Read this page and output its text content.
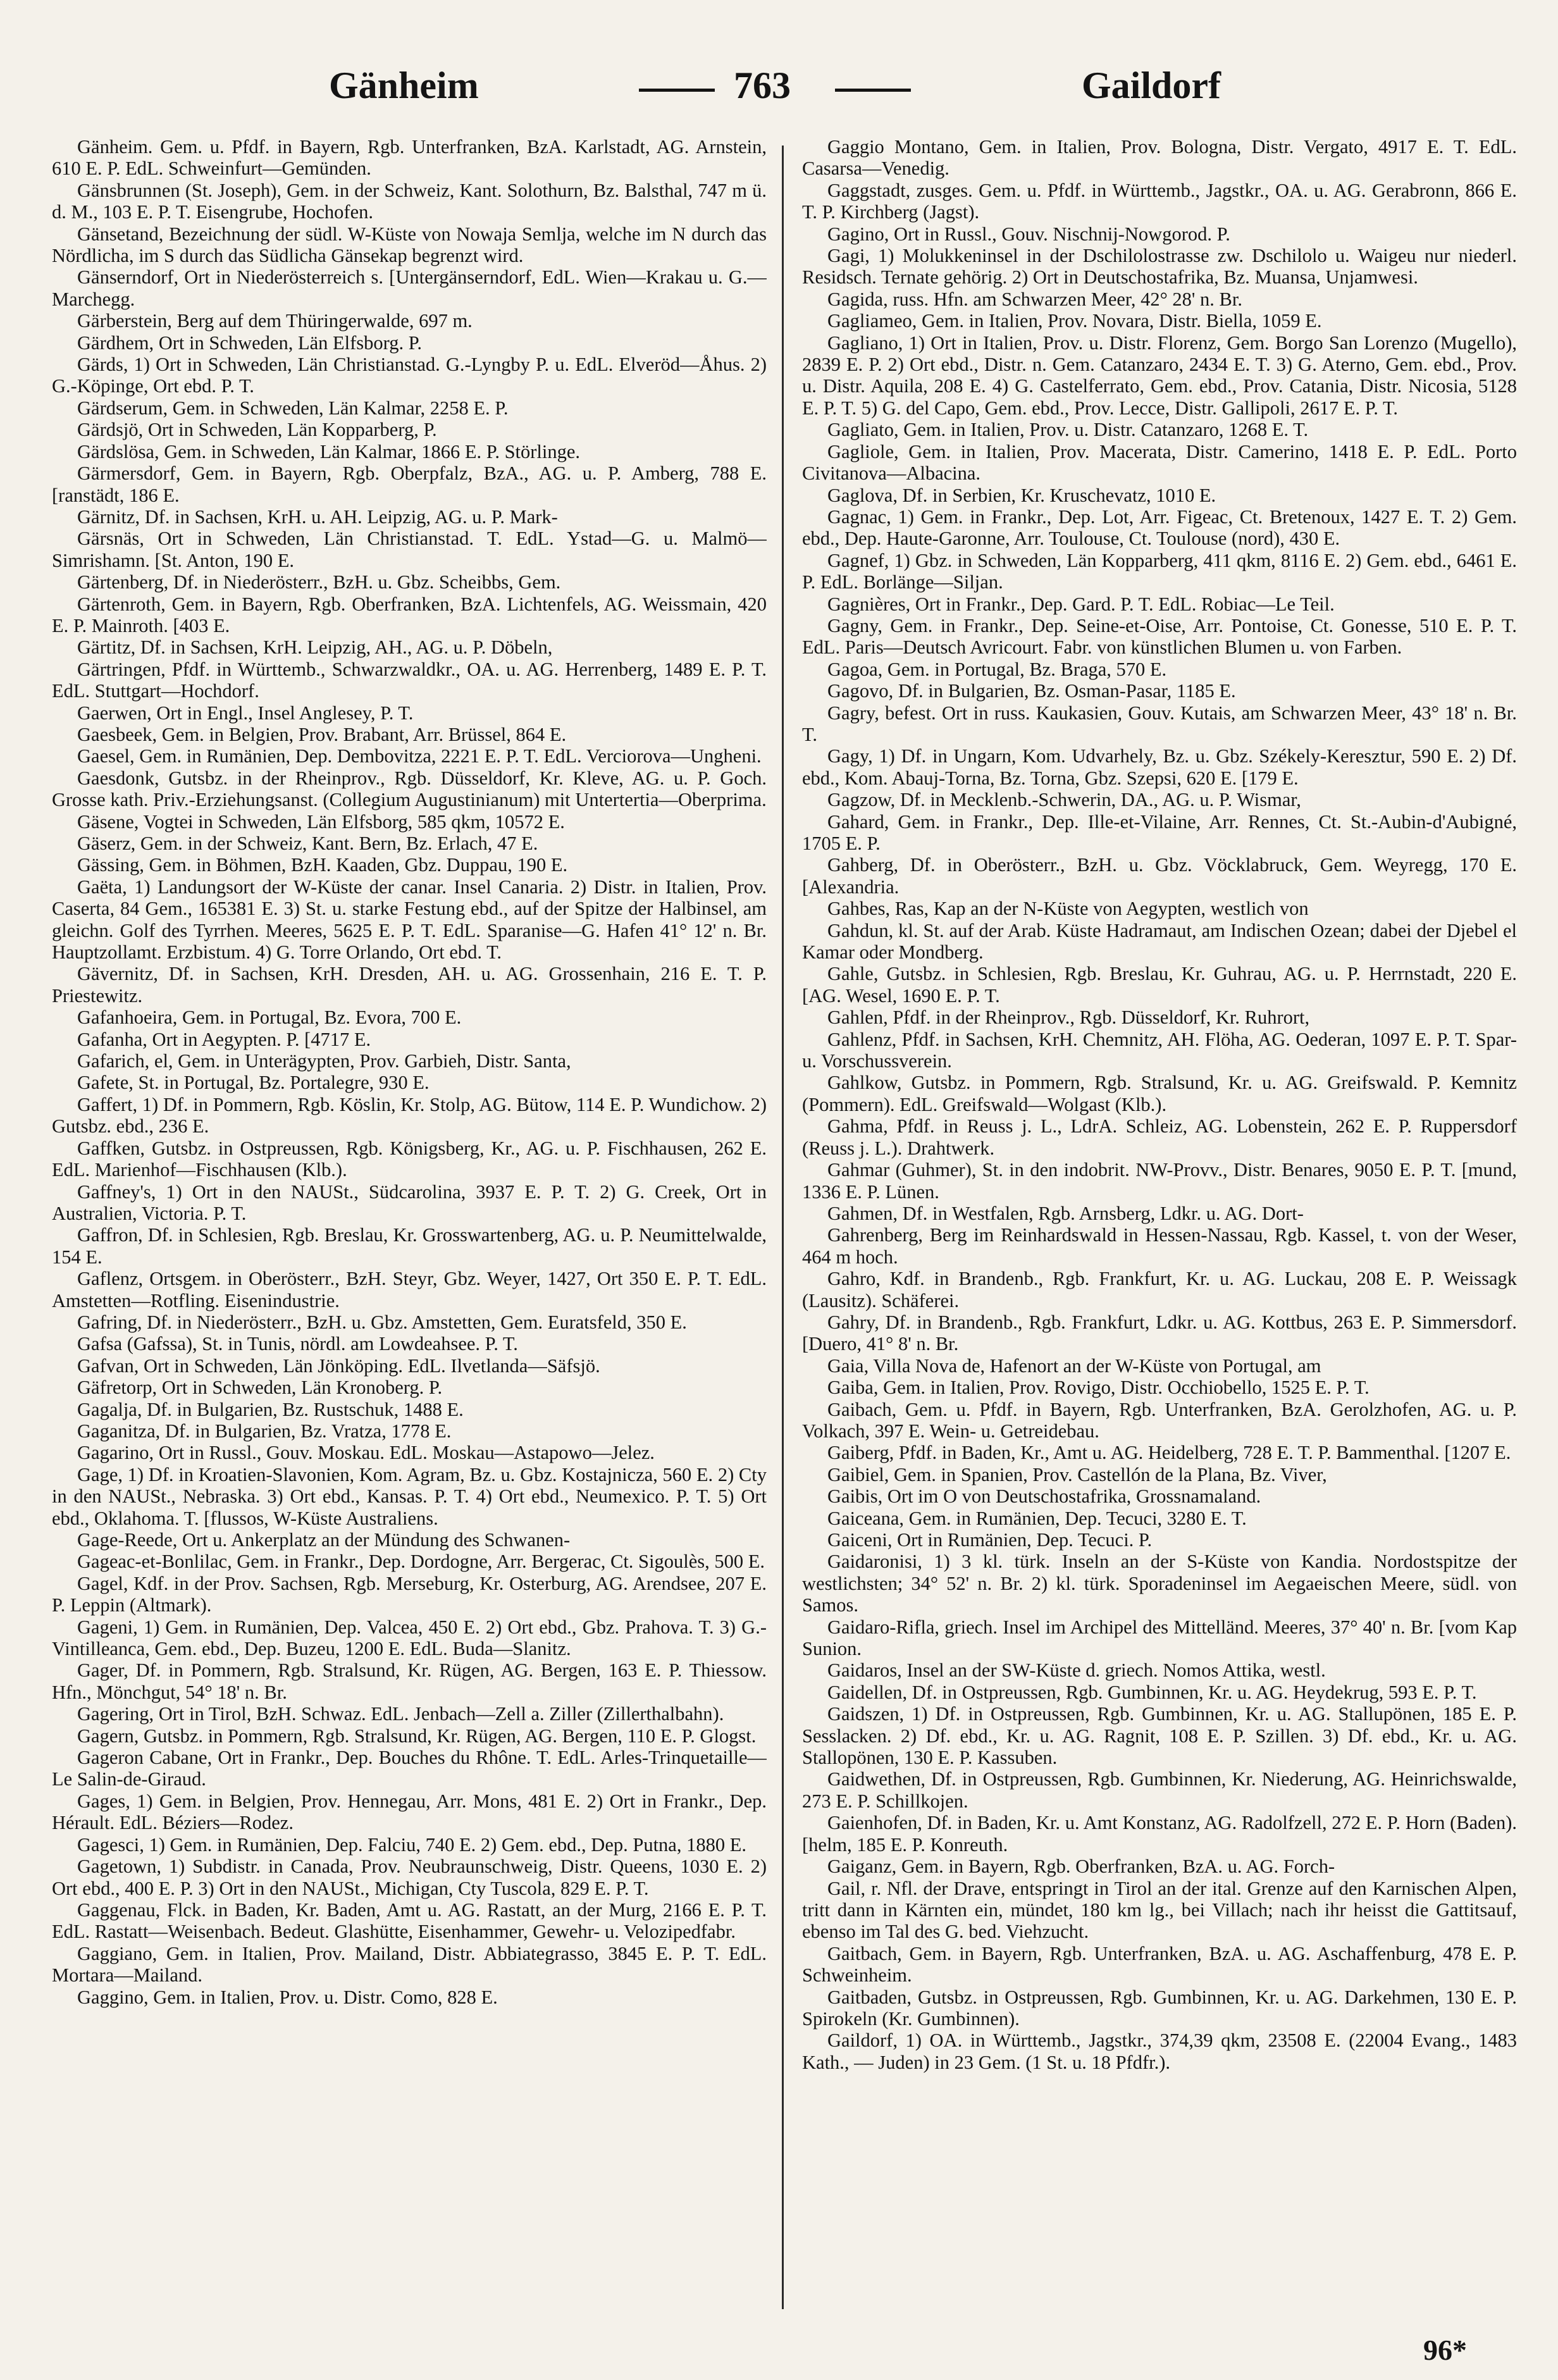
Gänheim	763	Gaildorf

Gänheim. Gem. u. Pfdf. in Bayern, Rgb. Unterfranken, BzA. Karlstadt, AG. Arnstein, 610 E. P. EdL. Schweinfurt—Gemünden.

Gänsbrunnen (St. Joseph), Gem. in der Schweiz, Kant. Solothurn, Bz. Balsthal, 747 m ü. d. M., 103 E. P. T. Eisengrube, Hochofen.

Gänsetand, Bezeichnung der südl. W-Küste von Nowaja Semlja, welche im N durch das Nördlicha, im S durch das Südlicha Gänsekap begrenzt wird.

Gänserndorf, Ort in Niederösterreich s. [Untergänserndorf, EdL. Wien—Krakau u. G.—Marchegg.

Gärberstein, Berg auf dem Thüringerwalde, 697 m.

Gärdhem, Ort in Schweden, Län Elfsborg. P.

Gärds, 1) Ort in Schweden, Län Christianstad. G.-Lyngby P. u. EdL. Elveröd—Åhus. 2) G.-Köpinge, Ort ebd. P. T.

Gärdserum, Gem. in Schweden, Län Kalmar, 2258 E. P.

Gärdsjö, Ort in Schweden, Län Kopparberg, P.

Gärdslösa, Gem. in Schweden, Län Kalmar, 1866 E. P. Störlinge.

Gärmersdorf, Gem. in Bayern, Rgb. Oberpfalz, BzA., AG. u. P. Amberg, 788 E. [ranstädt, 186 E.

Gärnitz, Df. in Sachsen, KrH. u. AH. Leipzig, AG. u. P. Mark-

Gärsnäs, Ort in Schweden, Län Christianstad. T. EdL. Ystad—G. u. Malmö—Simrishamn. [St. Anton, 190 E.

Gärtenberg, Df. in Niederösterr., BzH. u. Gbz. Scheibbs, Gem.

Gärtenroth, Gem. in Bayern, Rgb. Oberfranken, BzA. Lichtenfels, AG. Weissmain, 420 E. P. Mainroth. [403 E.

Gärtitz, Df. in Sachsen, KrH. Leipzig, AH., AG. u. P. Döbeln,

Gärtringen, Pfdf. in Württemb., Schwarzwaldkr., OA. u. AG. Herrenberg, 1489 E. P. T. EdL. Stuttgart—Hochdorf.

Gaerwen, Ort in Engl., Insel Anglesey, P. T.

Gaesbeek, Gem. in Belgien, Prov. Brabant, Arr. Brüssel, 864 E.

Gaesel, Gem. in Rumänien, Dep. Dembovitza, 2221 E. P. T. EdL. Verciorova—Ungheni.

Gaesdonk, Gutsbz. in der Rheinprov., Rgb. Düsseldorf, Kr. Kleve, AG. u. P. Goch. Grosse kath. Priv.-Erziehungsanst. (Collegium Augustinianum) mit Untertertia—Oberprima.

Gäsene, Vogtei in Schweden, Län Elfsborg, 585 qkm, 10572 E.

Gäserz, Gem. in der Schweiz, Kant. Bern, Bz. Erlach, 47 E.

Gässing, Gem. in Böhmen, BzH. Kaaden, Gbz. Duppau, 190 E.

Gaëta, 1) Landungsort der W-Küste der canar. Insel Canaria. 2) Distr. in Italien, Prov. Caserta, 84 Gem., 165381 E. 3) St. u. starke Festung ebd., auf der Spitze der Halbinsel, am gleichn. Golf des Tyrrhen. Meeres, 5625 E. P. T. EdL. Sparanise—G. Hafen 41° 12' n. Br. Hauptzollamt. Erzbistum. 4) G. Torre Orlando, Ort ebd. T.

Gävernitz, Df. in Sachsen, KrH. Dresden, AH. u. AG. Grossenhain, 216 E. T. P. Priestewitz.

Gafanhoeira, Gem. in Portugal, Bz. Evora, 700 E.

Gafanha, Ort in Aegypten. P. [4717 E.

Gafarich, el, Gem. in Unterägypten, Prov. Garbieh, Distr. Santa,

Gafete, St. in Portugal, Bz. Portalegre, 930 E.

Gaffert, 1) Df. in Pommern, Rgb. Köslin, Kr. Stolp, AG. Bütow, 114 E. P. Wundichow. 2) Gutsbz. ebd., 236 E.

Gaffken, Gutsbz. in Ostpreussen, Rgb. Königsberg, Kr., AG. u. P. Fischhausen, 262 E. EdL. Marienhof—Fischhausen (Klb.).

Gaffney's, 1) Ort in den NAUSt., Südcarolina, 3937 E. P. T. 2) G. Creek, Ort in Australien, Victoria. P. T.

Gaffron, Df. in Schlesien, Rgb. Breslau, Kr. Grosswartenberg, AG. u. P. Neumittelwalde, 154 E.

Gaflenz, Ortsgem. in Oberösterr., BzH. Steyr, Gbz. Weyer, 1427, Ort 350 E. P. T. EdL. Amstetten—Rotfling. Eisenindustrie.

Gafring, Df. in Niederösterr., BzH. u. Gbz. Amstetten, Gem. Euratsfeld, 350 E.

Gafsa (Gafssa), St. in Tunis, nördl. am Lowdeahsee. P. T.

Gafvan, Ort in Schweden, Län Jönköping. EdL. Ilvetlanda—Säfsjö.

Gäfretorp, Ort in Schweden, Län Kronoberg. P.

Gagalja, Df. in Bulgarien, Bz. Rustschuk, 1488 E.

Gaganitza, Df. in Bulgarien, Bz. Vratza, 1778 E.

Gagarino, Ort in Russl., Gouv. Moskau. EdL. Moskau—Astapowo—Jelez.

Gage, 1) Df. in Kroatien-Slavonien, Kom. Agram, Bz. u. Gbz. Kostajnicza, 560 E. 2) Cty in den NAUSt., Nebraska. 3) Ort ebd., Kansas. P. T. 4) Ort ebd., Neumexico. P. T. 5) Ort ebd., Oklahoma. T. [flussos, W-Küste Australiens.

Gage-Reede, Ort u. Ankerplatz an der Mündung des Schwanen-

Gageac-et-Bonlilac, Gem. in Frankr., Dep. Dordogne, Arr. Bergerac, Ct. Sigoulès, 500 E.

Gagel, Kdf. in der Prov. Sachsen, Rgb. Merseburg, Kr. Osterburg, AG. Arendsee, 207 E. P. Leppin (Altmark).

Gageni, 1) Gem. in Rumänien, Dep. Valcea, 450 E. 2) Ort ebd., Gbz. Prahova. T. 3) G.-Vintilleanca, Gem. ebd., Dep. Buzeu, 1200 E. EdL. Buda—Slanitz.

Gager, Df. in Pommern, Rgb. Stralsund, Kr. Rügen, AG. Bergen, 163 E. P. Thiessow. Hfn., Mönchgut, 54° 18' n. Br.

Gagering, Ort in Tirol, BzH. Schwaz. EdL. Jenbach—Zell a. Ziller (Zillerthalbahn).

Gagern, Gutsbz. in Pommern, Rgb. Stralsund, Kr. Rügen, AG. Bergen, 110 E. P. Glogst.

Gageron Cabane, Ort in Frankr., Dep. Bouches du Rhône. T. EdL. Arles-Trinquetaille—Le Salin-de-Giraud.

Gages, 1) Gem. in Belgien, Prov. Hennegau, Arr. Mons, 481 E. 2) Ort in Frankr., Dep. Hérault. EdL. Béziers—Rodez.

Gagesci, 1) Gem. in Rumänien, Dep. Falciu, 740 E. 2) Gem. ebd., Dep. Putna, 1880 E.

Gagetown, 1) Subdistr. in Canada, Prov. Neubraunschweig, Distr. Queens, 1030 E. 2) Ort ebd., 400 E. P. 3) Ort in den NAUSt., Michigan, Cty Tuscola, 829 E. P. T.

Gaggenau, Flck. in Baden, Kr. Baden, Amt u. AG. Rastatt, an der Murg, 2166 E. P. T. EdL. Rastatt—Weisenbach. Bedeut. Glashütte, Eisenhammer, Gewehr- u. Velozipedfabr.

Gaggiano, Gem. in Italien, Prov. Mailand, Distr. Abbiategrasso, 3845 E. P. T. EdL. Mortara—Mailand.

Gaggino, Gem. in Italien, Prov. u. Distr. Como, 828 E.

Gaggio Montano, Gem. in Italien, Prov. Bologna, Distr. Vergato, 4917 E. T. EdL. Casarsa—Venedig.

Gaggstadt, zusges. Gem. u. Pfdf. in Württemb., Jagstkr., OA. u. AG. Gerabronn, 866 E. T. P. Kirchberg (Jagst).

Gagino, Ort in Russl., Gouv. Nischnij-Nowgorod. P.

Gagi, 1) Molukkeninsel in der Dschilolostrasse zw. Dschilolo u. Waigeu nur niederl. Residsch. Ternate gehörig. 2) Ort in Deutschostafrika, Bz. Muansa, Unjamwesi.

Gagida, russ. Hfn. am Schwarzen Meer, 42° 28' n. Br.

Gagliameo, Gem. in Italien, Prov. Novara, Distr. Biella, 1059 E.

Gagliano, 1) Ort in Italien, Prov. u. Distr. Florenz, Gem. Borgo San Lorenzo (Mugello), 2839 E. P. 2) Ort ebd., Distr. n. Gem. Catanzaro, 2434 E. T. 3) G. Aterno, Gem. ebd., Prov. u. Distr. Aquila, 208 E. 4) G. Castelferrato, Gem. ebd., Prov. Catania, Distr. Nicosia, 5128 E. P. T. 5) G. del Capo, Gem. ebd., Prov. Lecce, Distr. Gallipoli, 2617 E. P. T.

Gagliato, Gem. in Italien, Prov. u. Distr. Catanzaro, 1268 E. T.

Gagliole, Gem. in Italien, Prov. Macerata, Distr. Camerino, 1418 E. P. EdL. Porto Civitanova—Albacina.

Gaglova, Df. in Serbien, Kr. Kruschevatz, 1010 E.

Gagnac, 1) Gem. in Frankr., Dep. Lot, Arr. Figeac, Ct. Bretenoux, 1427 E. T. 2) Gem. ebd., Dep. Haute-Garonne, Arr. Toulouse, Ct. Toulouse (nord), 430 E.

Gagnef, 1) Gbz. in Schweden, Län Kopparberg, 411 qkm, 8116 E. 2) Gem. ebd., 6461 E. P. EdL. Borlänge—Siljan.

Gagnières, Ort in Frankr., Dep. Gard. P. T. EdL. Robiac—Le Teil.

Gagny, Gem. in Frankr., Dep. Seine-et-Oise, Arr. Pontoise, Ct. Gonesse, 510 E. P. T. EdL. Paris—Deutsch Avricourt. Fabr. von künstlichen Blumen u. von Farben.

Gagoa, Gem. in Portugal, Bz. Braga, 570 E.

Gagovo, Df. in Bulgarien, Bz. Osman-Pasar, 1185 E.

Gagry, befest. Ort in russ. Kaukasien, Gouv. Kutais, am Schwarzen Meer, 43° 18' n. Br. T.

Gagy, 1) Df. in Ungarn, Kom. Udvarhely, Bz. u. Gbz. Székely-Keresztur, 590 E. 2) Df. ebd., Kom. Abauj-Torna, Bz. Torna, Gbz. Szepsi, 620 E. [179 E.

Gagzow, Df. in Mecklenb.-Schwerin, DA., AG. u. P. Wismar,

Gahard, Gem. in Frankr., Dep. Ille-et-Vilaine, Arr. Rennes, Ct. St.-Aubin-d'Aubigné, 1705 E. P.

Gahberg, Df. in Oberösterr., BzH. u. Gbz. Vöcklabruck, Gem. Weyregg, 170 E. [Alexandria.

Gahbes, Ras, Kap an der N-Küste von Aegypten, westlich von

Gahdun, kl. St. auf der Arab. Küste Hadramaut, am Indischen Ozean; dabei der Djebel el Kamar oder Mondberg.

Gahle, Gutsbz. in Schlesien, Rgb. Breslau, Kr. Guhrau, AG. u. P. Herrnstadt, 220 E. [AG. Wesel, 1690 E. P. T.

Gahlen, Pfdf. in der Rheinprov., Rgb. Düsseldorf, Kr. Ruhrort,

Gahlenz, Pfdf. in Sachsen, KrH. Chemnitz, AH. Flöha, AG. Oederan, 1097 E. P. T. Spar- u. Vorschussverein.

Gahlkow, Gutsbz. in Pommern, Rgb. Stralsund, Kr. u. AG. Greifswald. P. Kemnitz (Pommern). EdL. Greifswald—Wolgast (Klb.).

Gahma, Pfdf. in Reuss j. L., LdrA. Schleiz, AG. Lobenstein, 262 E. P. Ruppersdorf (Reuss j. L.). Drahtwerk.

Gahmar (Guhmer), St. in den indobrit. NW-Provv., Distr. Benares, 9050 E. P. T. [mund, 1336 E. P. Lünen.

Gahmen, Df. in Westfalen, Rgb. Arnsberg, Ldkr. u. AG. Dort-

Gahrenberg, Berg im Reinhardswald in Hessen-Nassau, Rgb. Kassel, t. von der Weser, 464 m hoch.

Gahro, Kdf. in Brandenb., Rgb. Frankfurt, Kr. u. AG. Luckau, 208 E. P. Weissagk (Lausitz). Schäferei.

Gahry, Df. in Brandenb., Rgb. Frankfurt, Ldkr. u. AG. Kottbus, 263 E. P. Simmersdorf. [Duero, 41° 8' n. Br.

Gaia, Villa Nova de, Hafenort an der W-Küste von Portugal, am

Gaiba, Gem. in Italien, Prov. Rovigo, Distr. Occhiobello, 1525 E. P. T.

Gaibach, Gem. u. Pfdf. in Bayern, Rgb. Unterfranken, BzA. Gerolzhofen, AG. u. P. Volkach, 397 E. Wein- u. Getreidebau.

Gaiberg, Pfdf. in Baden, Kr., Amt u. AG. Heidelberg, 728 E. T. P. Bammenthal. [1207 E.

Gaibiel, Gem. in Spanien, Prov. Castellón de la Plana, Bz. Viver,

Gaibis, Ort im O von Deutschostafrika, Grossnamaland.

Gaiceana, Gem. in Rumänien, Dep. Tecuci, 3280 E. T.

Gaiceni, Ort in Rumänien, Dep. Tecuci. P.

Gaidaronisi, 1) 3 kl. türk. Inseln an der S-Küste von Kandia. Nordostspitze der westlichsten; 34° 52' n. Br. 2) kl. türk. Sporadeninsel im Aegaeischen Meere, südl. von Samos.

Gaidaro-Rifla, griech. Insel im Archipel des Mittelländ. Meeres, 37° 40' n. Br. [vom Kap Sunion.

Gaidaros, Insel an der SW-Küste d. griech. Nomos Attika, westl.

Gaidellen, Df. in Ostpreussen, Rgb. Gumbinnen, Kr. u. AG. Heydekrug, 593 E. P. T.

Gaidszen, 1) Df. in Ostpreussen, Rgb. Gumbinnen, Kr. u. AG. Stallupönen, 185 E. P. Sesslacken. 2) Df. ebd., Kr. u. AG. Ragnit, 108 E. P. Szillen. 3) Df. ebd., Kr. u. AG. Stallopönen, 130 E. P. Kassuben.

Gaidwethen, Df. in Ostpreussen, Rgb. Gumbinnen, Kr. Niederung, AG. Heinrichswalde, 273 E. P. Schillkojen.

Gaienhofen, Df. in Baden, Kr. u. Amt Konstanz, AG. Radolfzell, 272 E. P. Horn (Baden). [helm, 185 E. P. Konreuth.

Gaiganz, Gem. in Bayern, Rgb. Oberfranken, BzA. u. AG. Forch-

Gail, r. Nfl. der Drave, entspringt in Tirol an der ital. Grenze auf den Karnischen Alpen, tritt dann in Kärnten ein, mündet, 180 km lg., bei Villach; nach ihr heisst die Gattitsauf, ebenso im Tal des G. bed. Viehzucht.

Gaitbach, Gem. in Bayern, Rgb. Unterfranken, BzA. u. AG. Aschaffenburg, 478 E. P. Schweinheim.

Gaitbaden, Gutsbz. in Ostpreussen, Rgb. Gumbinnen, Kr. u. AG. Darkehmen, 130 E. P. Spirokeln (Kr. Gumbinnen).

Gaildorf, 1) OA. in Württemb., Jagstkr., 374,39 qkm, 23508 E. (22004 Evang., 1483 Kath., — Juden) in 23 Gem. (1 St. u. 18 Pfdfr.).

96*
